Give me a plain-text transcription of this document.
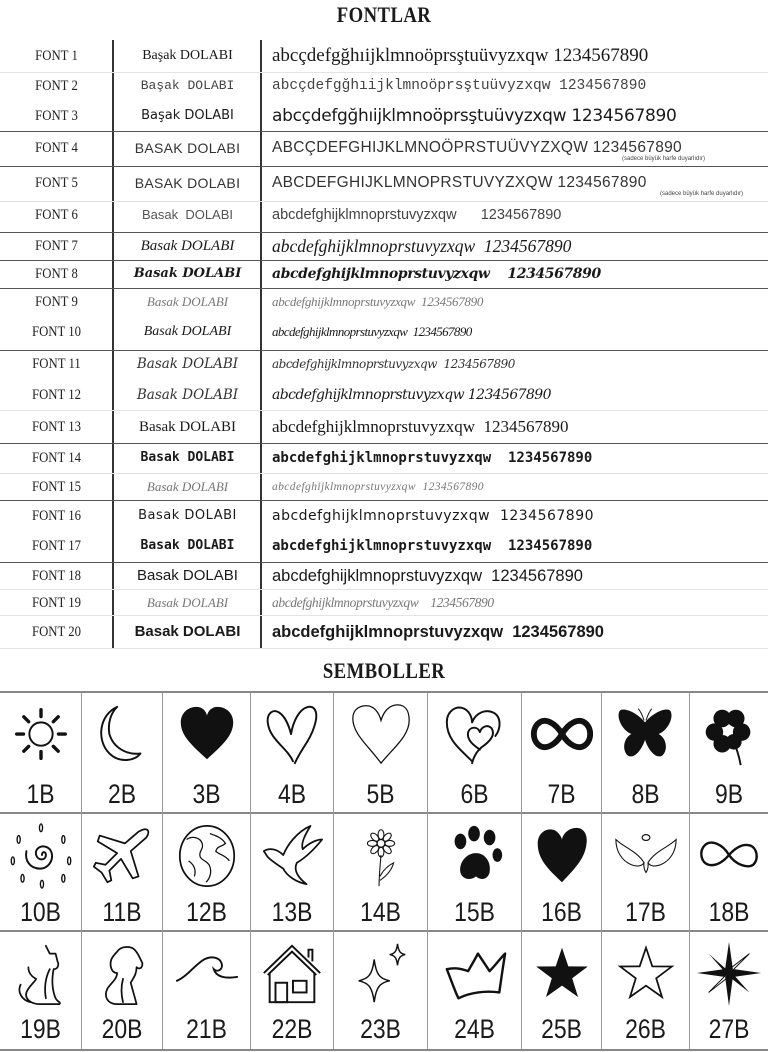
FONTLAR
FONT 1	Başak DOLABI	abcçdefgğhıijklmnoöprsştuüvyzxqw 1234567890
FONT 2	Başak DOLABI	abcçdefgğhıijklmnoöprsştuüvyzxqw 1234567890
FONT 3	Başak DOLABI	abcçdefgğhıijklmnoöprsştuüvyzxqw 1234567890
FONT 4	BASAK DOLABI	ABCÇDEFGHIJKLMNOÖPRSTUÜVYZXQW 1234567890
(sadece büyük harfe duyarlıdır)
FONT 5	BASAK DOLABI	ABCDEFGHIJKLMNOPRSTUVYZXQW 1234567890
(sadece büyük harfe duyarlıdır)
FONT 6	Basak  DOLABI	abcdefghijklmnoprstuvyzxqw      1234567890
FONT 7	Basak DOLABI	abcdefghijklmnoprstuvyzxqw  1234567890
FONT 8	Basak DOLABI	abcdefghijklmnoprstuvyzxqw    1234567890
FONT 9	Basak DOLABI	abcdefghijklmnoprstuvyzxqw  1234567890
FONT 10	Basak DOLABI	abcdefghijklmnoprstuvyzxqw  1234567890
FONT 11	Basak DOLABI	abcdefghijklmnoprstuvyzxqw  1234567890
FONT 12	Basak DOLABI	abcdefghijklmnoprstuvyzxqw 1234567890
FONT 13	Basak DOLABI	abcdefghijklmnoprstuvyzxqw  1234567890
FONT 14	Basak DOLABI	abcdefghijklmnoprstuvyzxqw  1234567890
FONT 15	Basak DOLABI	abcdefghijklmnoprstuvyzxqw  1234567890
FONT 16	Basak DOLABI	abcdefghijklmnoprstuvyzxqw  1234567890
FONT 17	Basak DOLABI	abcdefghijklmnoprstuvyzxqw  1234567890
FONT 18	Basak DOLABI	abcdefghijklmnoprstuvyzxqw  1234567890
FONT 19	Basak DOLABI	abcdefghijklmnoprstuvyzxqw    1234567890
FONT 20	Basak DOLABI	abcdefghijklmnoprstuvyzxqw  1234567890
SEMBOLLER
1B	2B	3B	4B	5B	6B	7B	8B	9B
10B	11B	12B	13B	14B	15B	16B	17B	18B
19B	20B	21B	22B	23B	24B	25B	26B	27B
